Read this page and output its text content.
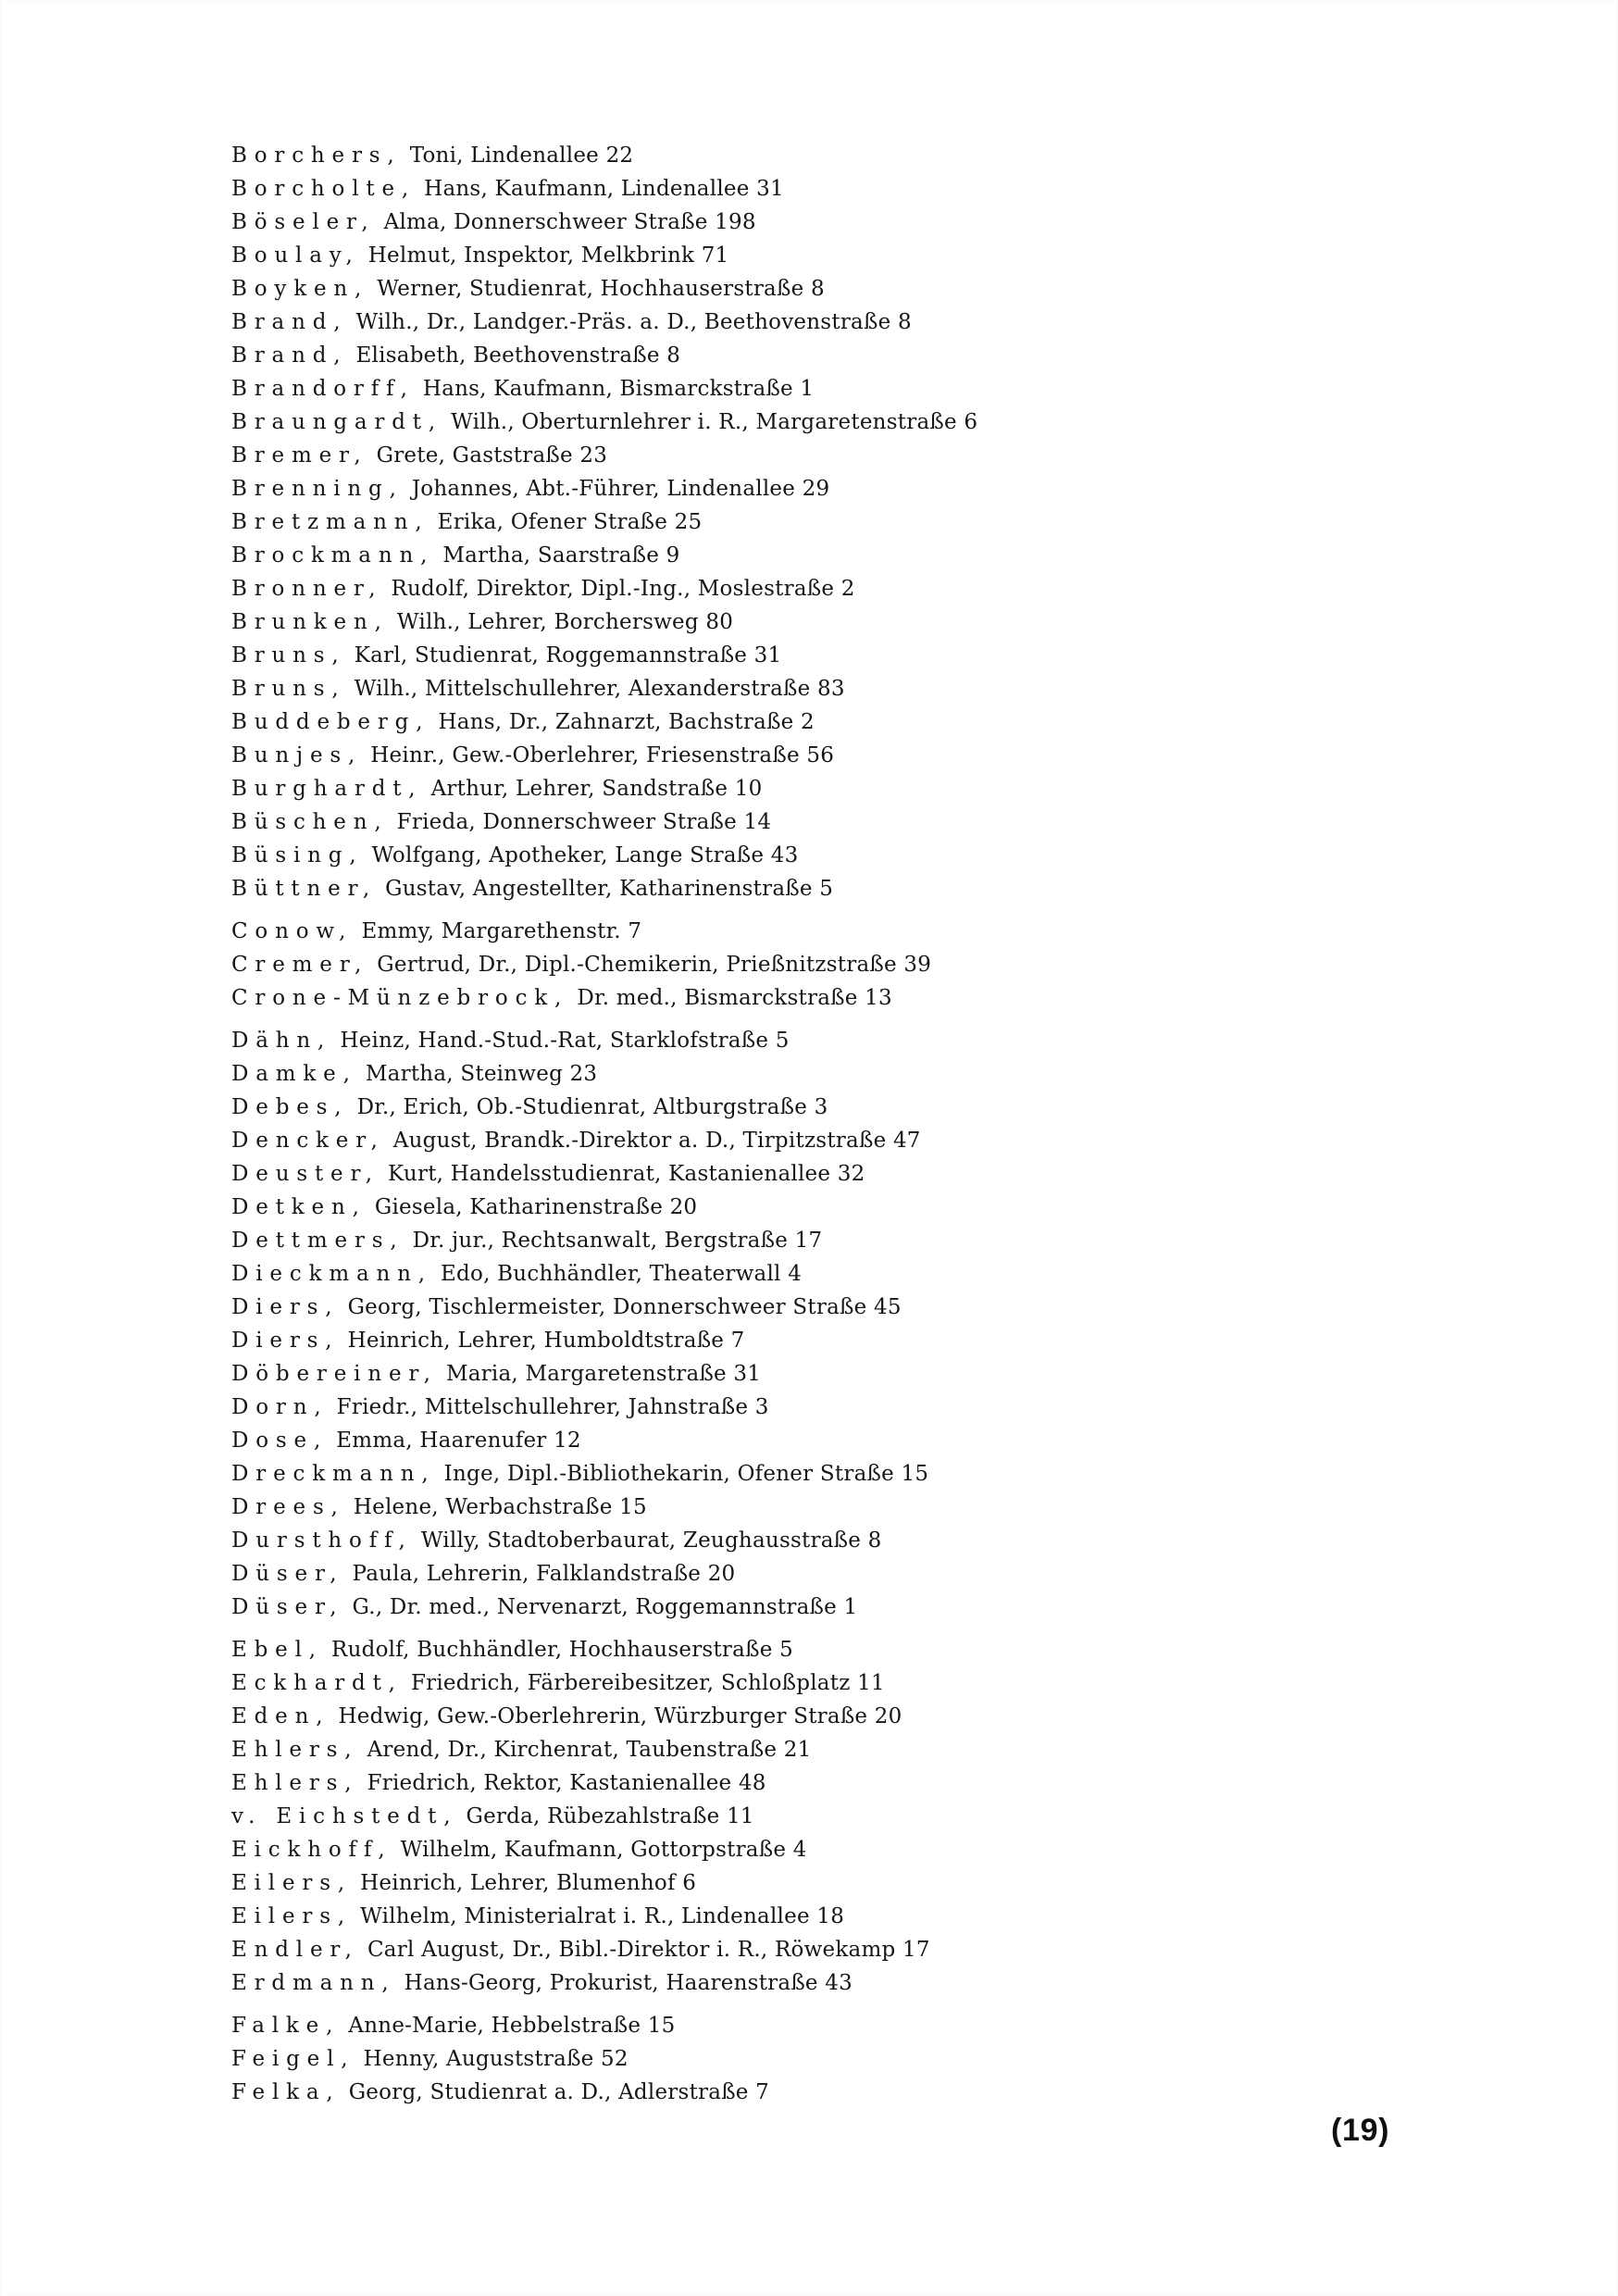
Borchers, Toni, Lindenallee 22
Borcholte, Hans, Kaufmann, Lindenallee 31
Böseler, Alma, Donnerschweer Straße 198
Boulay, Helmut, Inspektor, Melkbrink 71
Boyken, Werner, Studienrat, Hochhauserstraße 8
Brand, Wilh., Dr., Landger.-Präs. a. D., Beethovenstraße 8
Brand, Elisabeth, Beethovenstraße 8
Brandorff, Hans, Kaufmann, Bismarckstraße 1
Braungardt, Wilh., Oberturnlehrer i. R., Margaretenstraße 6
Bremer, Grete, Gaststraße 23
Brenning, Johannes, Abt.-Führer, Lindenallee 29
Bretzmann, Erika, Ofener Straße 25
Brockmann, Martha, Saarstraße 9
Bronner, Rudolf, Direktor, Dipl.-Ing., Moslestraße 2
Brunken, Wilh., Lehrer, Borchersweg 80
Bruns, Karl, Studienrat, Roggemannstraße 31
Bruns, Wilh., Mittelschullehrer, Alexanderstraße 83
Buddeberg, Hans, Dr., Zahnarzt, Bachstraße 2
Bunjes, Heinr., Gew.-Oberlehrer, Friesenstraße 56
Burghardt, Arthur, Lehrer, Sandstraße 10
Büschen, Frieda, Donnerschweer Straße 14
Büsing, Wolfgang, Apotheker, Lange Straße 43
Büttner, Gustav, Angestellter, Katharinenstraße 5
Conow, Emmy, Margarethenstr. 7
Cremer, Gertrud, Dr., Dipl.-Chemikerin, Prießnitzstraße 39
Crone-Münzebrock, Dr. med., Bismarckstraße 13
Dähn, Heinz, Hand.-Stud.-Rat, Starklofstraße 5
Damke, Martha, Steinweg 23
Debes, Dr., Erich, Ob.-Studienrat, Altburgstraße 3
Dencker, August, Brandk.-Direktor a. D., Tirpitzstraße 47
Deuster, Kurt, Handelsstudienrat, Kastanienallee 32
Detken, Giesela, Katharinenstraße 20
Dettmers, Dr. jur., Rechtsanwalt, Bergstraße 17
Dieckmann, Edo, Buchhändler, Theaterwall 4
Diers, Georg, Tischlermeister, Donnerschweer Straße 45
Diers, Heinrich, Lehrer, Humboldtstraße 7
Döbereiner, Maria, Margaretenstraße 31
Dorn, Friedr., Mittelschullehrer, Jahnstraße 3
Dose, Emma, Haarenufer 12
Dreckmann, Inge, Dipl.-Bibliothekarin, Ofener Straße 15
Drees, Helene, Werbachstraße 15
Dursthoff, Willy, Stadtoberbaurat, Zeughausstraße 8
Düser, Paula, Lehrerin, Falklandstraße 20
Düser, G., Dr. med., Nervenarzt, Roggemannstraße 1
Ebel, Rudolf, Buchhändler, Hochhauserstraße 5
Eckhardt, Friedrich, Färbereibesitzer, Schloßplatz 11
Eden, Hedwig, Gew.-Oberlehrerin, Würzburger Straße 20
Ehlers, Arend, Dr., Kirchenrat, Taubenstraße 21
Ehlers, Friedrich, Rektor, Kastanienallee 48
v. Eichstedt, Gerda, Rübezahlstraße 11
Eickhoff, Wilhelm, Kaufmann, Gottorpstraße 4
Eilers, Heinrich, Lehrer, Blumenhof 6
Eilers, Wilhelm, Ministerialrat i. R., Lindenallee 18
Endler, Carl August, Dr., Bibl.-Direktor i. R., Röwekamp 17
Erdmann, Hans-Georg, Prokurist, Haarenstraße 43
Falke, Anne-Marie, Hebbelstraße 15
Feigel, Henny, Auguststraße 52
Felka, Georg, Studienrat a. D., Adlerstraße 7
(19)
